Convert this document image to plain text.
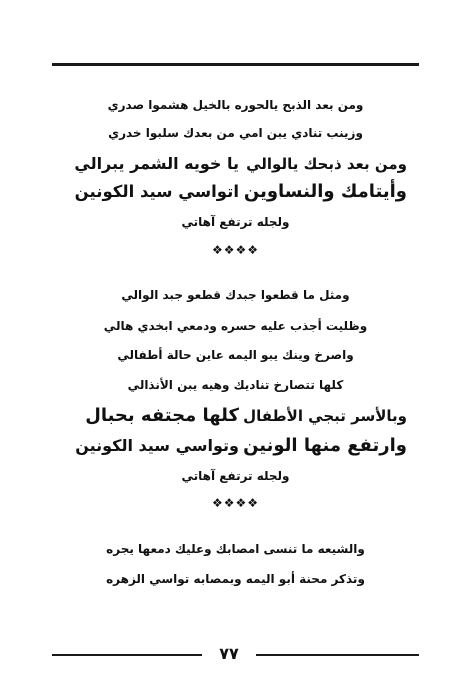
ومن بعد الذبح يالحوره بالخيل هشموا صدري
وزينب تنادي يبن امي من بعدك سلبوا خدري
ومن بعد ذبحك يالوالي
يا خويه الشمر يبرالي
وأيتامك والنساوين
اتواسي سيد الكونين
ولجله ترتفع آهاتي
❖❖❖❖
ومثل ما قطعوا جبدك قطعو جبد الوالي
وظليت أجذب عليه حسره ودمعي ابخدي هالي
واصرخ وينك يبو اليمه عاين حالة أطفالي
كلها تتصارخ تناديك وهيه يبن الأنذالي
وبالأسر تبجي الأطفال
كلها مجتفه بحبال
وارتفع منها الونين
وتواسي سيد الكونين
ولجله ترتفع آهاتي
❖❖❖❖
والشيعه ما تنسى امصابك وعليك دمعها يجره
وتذكر محنة أبو اليمه وبمصابه تواسي الزهره
٧٧
